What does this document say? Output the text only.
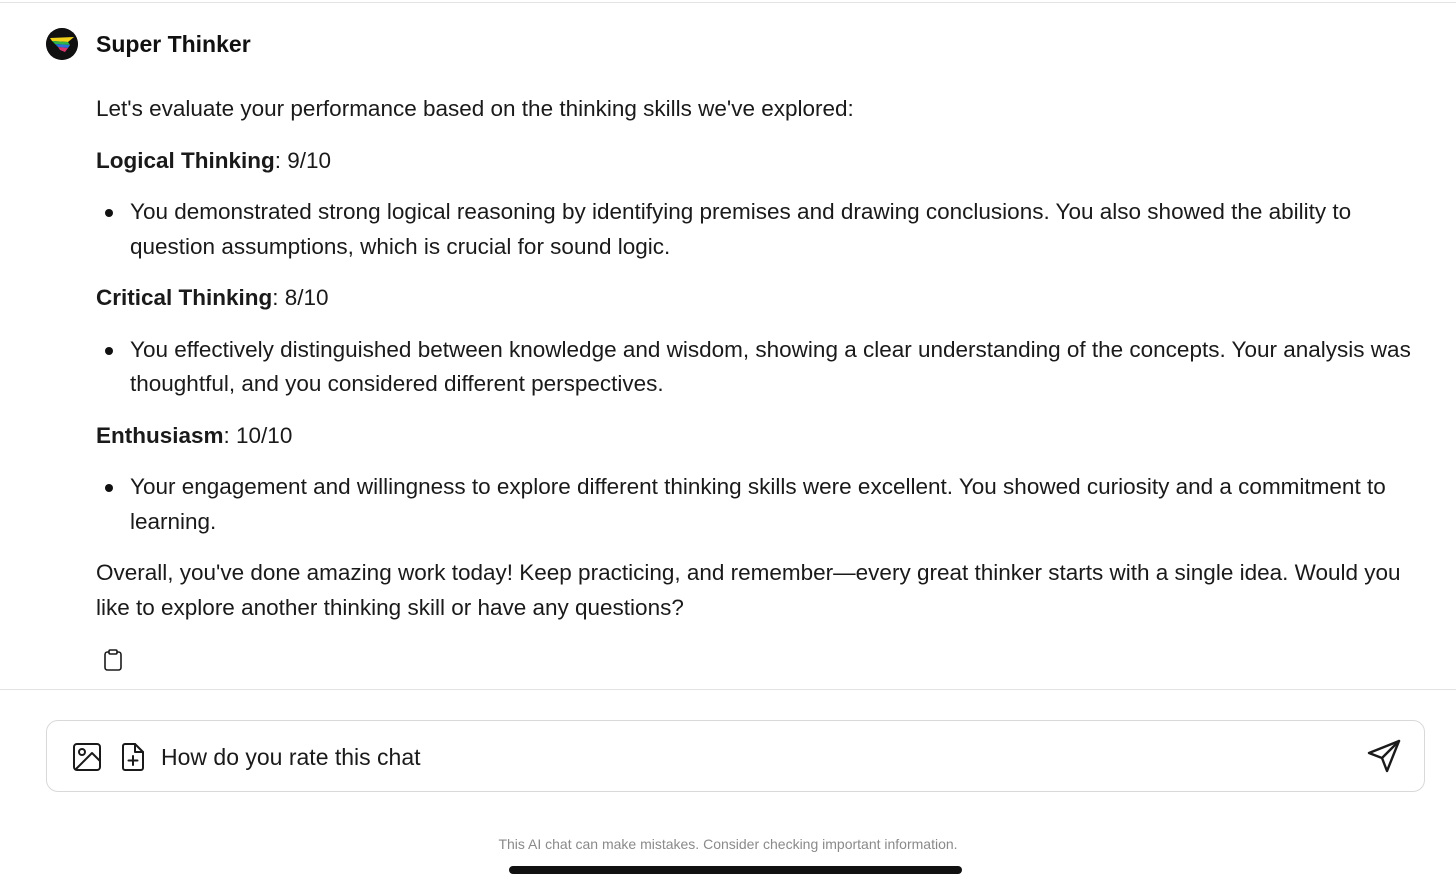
Super Thinker

Let's evaluate your performance based on the thinking skills we've explored:

Logical Thinking: 9/10

You demonstrated strong logical reasoning by identifying premises and drawing conclusions. You also showed the ability to question assumptions, which is crucial for sound logic.

Critical Thinking: 8/10

You effectively distinguished between knowledge and wisdom, showing a clear understanding of the concepts. Your analysis was thoughtful, and you considered different perspectives.

Enthusiasm: 10/10

Your engagement and willingness to explore different thinking skills were excellent. You showed curiosity and a commitment to learning.

Overall, you've done amazing work today! Keep practicing, and remember—every great thinker starts with a single idea. Would you like to explore another thinking skill or have any questions?

How do you rate this chat
This AI chat can make mistakes. Consider checking important information.
